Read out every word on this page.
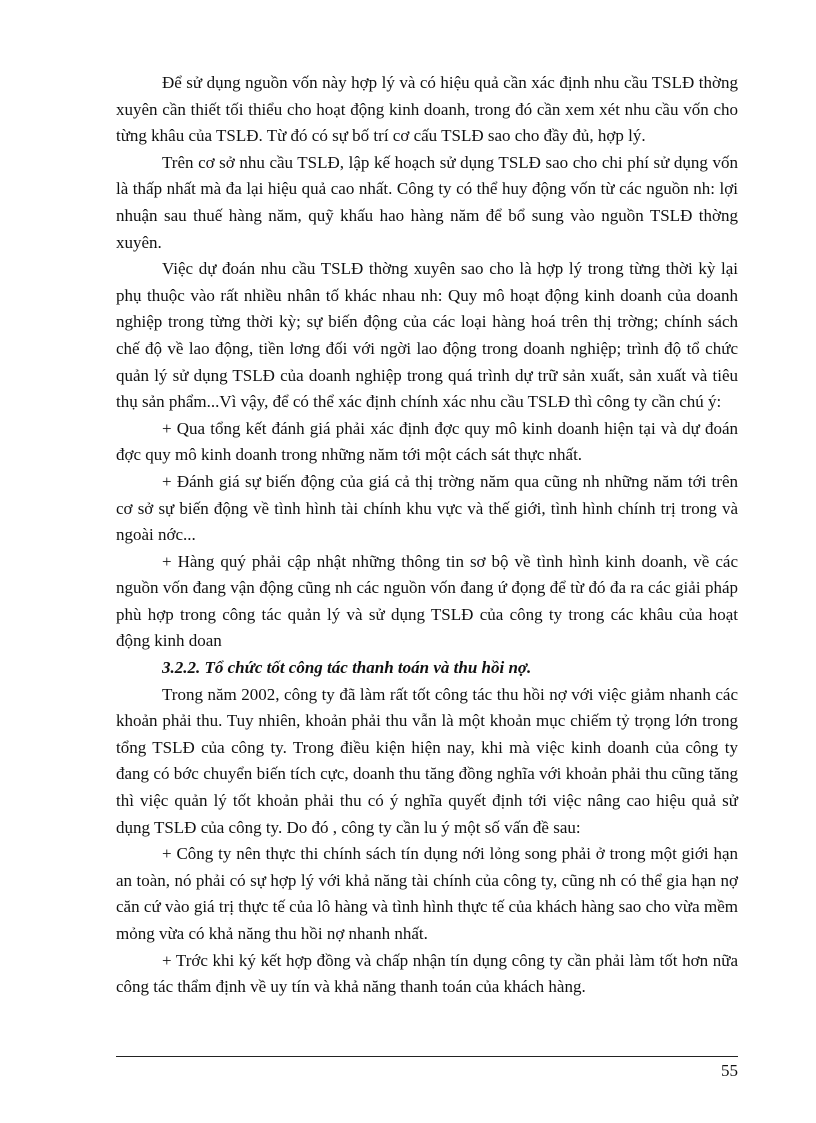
Để sử dụng nguồn vốn này hợp lý và có hiệu quả cần xác định nhu cầu TSLĐ thờng xuyên cần thiết tối thiểu cho hoạt động kinh doanh, trong đó cần xem xét nhu cầu vốn cho từng khâu của TSLĐ. Từ đó có sự bố trí cơ cấu TSLĐ sao cho đầy đủ, hợp lý.

Trên cơ sở nhu cầu TSLĐ, lập kế hoạch sử dụng TSLĐ sao cho chi phí sử dụng vốn là thấp nhất mà đa lại hiệu quả cao nhất. Công ty có thể huy động vốn từ các nguồn nh: lợi nhuận sau thuế hàng năm, quỹ khấu hao hàng năm để bổ sung vào nguồn TSLĐ thờng xuyên.

Việc dự đoán nhu cầu TSLĐ thờng xuyên sao cho là hợp lý trong từng thời kỳ lại phụ thuộc vào rất nhiều nhân tố khác nhau nh: Quy mô hoạt động kinh doanh của doanh nghiệp trong từng thời kỳ; sự biến động của các loại hàng hoá trên thị trờng; chính sách chế độ về lao động, tiền lơng đối với ngời lao động trong doanh nghiệp; trình độ tổ chức quản lý sử dụng TSLĐ của doanh nghiệp trong quá trình dự trữ sản xuất, sản xuất và tiêu thụ sản phẩm...Vì vậy, để có thể xác định chính xác nhu cầu TSLĐ thì công ty cần chú ý:

+ Qua tổng kết đánh giá phải xác định đợc quy mô kinh doanh hiện tại và dự đoán đợc quy mô kinh doanh trong những năm tới một cách sát thực nhất.

+ Đánh giá sự biến động của giá cả thị trờng năm qua cũng nh những năm tới trên cơ sở sự biến động về tình hình tài chính khu vực và thế giới, tình hình chính trị trong và ngoài nớc...

+ Hàng quý phải cập nhật những thông tin sơ bộ về tình hình kinh doanh, về các nguồn vốn đang vận động cũng nh các nguồn vốn đang ứ đọng để từ đó đa ra các giải pháp phù hợp trong công tác quản lý và sử dụng TSLĐ của công ty trong các khâu của hoạt động kinh doan

3.2.2. Tổ chức tốt công tác thanh toán và thu hồi nợ.

Trong năm 2002, công ty đã làm rất tốt công tác thu hồi nợ với việc giảm nhanh các khoản phải thu. Tuy nhiên, khoản phải thu vẫn là một khoản mục chiếm tỷ trọng lớn trong tổng TSLĐ của công ty. Trong điều kiện hiện nay, khi mà việc kinh doanh của công ty đang có bớc chuyển biến tích cực, doanh thu tăng đồng nghĩa với khoản phải thu cũng tăng thì việc quản lý tốt khoản phải thu có ý nghĩa quyết định tới việc nâng cao hiệu quả sử dụng TSLĐ của công ty. Do đó , công ty cần lu ý một số vấn đề sau:

+ Công ty nên thực thi chính sách tín dụng nới lỏng song phải ở trong một giới hạn an toàn, nó phải có sự hợp lý với khả năng tài chính của công ty, cũng nh có thể gia hạn nợ căn cứ vào giá trị thực tế của lô hàng và tình hình thực tế của khách hàng sao cho vừa mềm mỏng vừa có khả năng thu hồi nợ nhanh nhất.

+ Trớc khi ký kết hợp đồng và chấp nhận tín dụng công ty cần phải làm tốt hơn nữa công tác thẩm định về uy tín và khả năng thanh toán của khách hàng.

55
